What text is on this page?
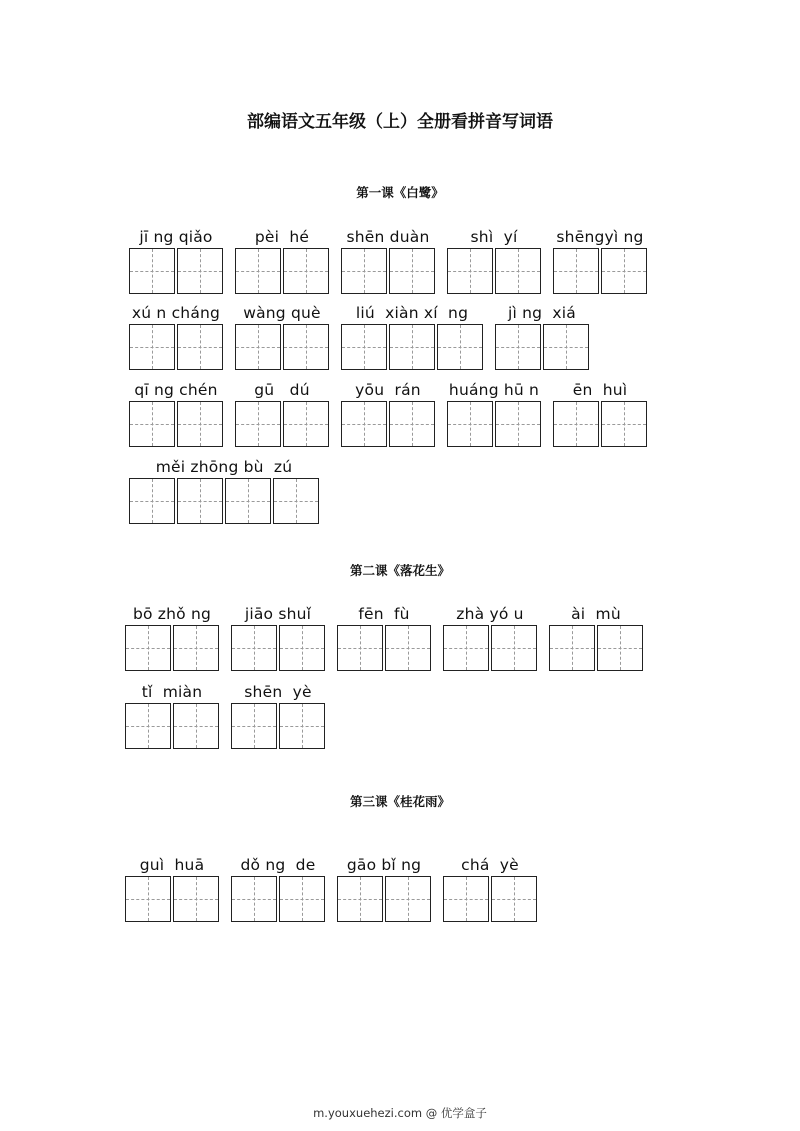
部编语文五年级（上）全册看拼音写词语
第一课《白鹭》
第二课《落花生》
第三课《桂花雨》
jī ng qiǎo	pèi  hé	shēn duàn	shì  yí	shēngyì ng
xú n cháng	wàng què	liú  xiàn xí  ng	jì ng  xiá
qī ng chén	gū   dú	yōu  rán	huáng hū n	ēn  huì
měi zhōng bù  zú
bō zhǒ ng	jiāo shuǐ	fēn  fù	zhà yó u	ài  mù
tǐ  miàn	shēn  yè
guì  huā	dǒ ng  de	gāo bǐ ng	chá  yè
m.youxuehezi.com @ 优学盒子
